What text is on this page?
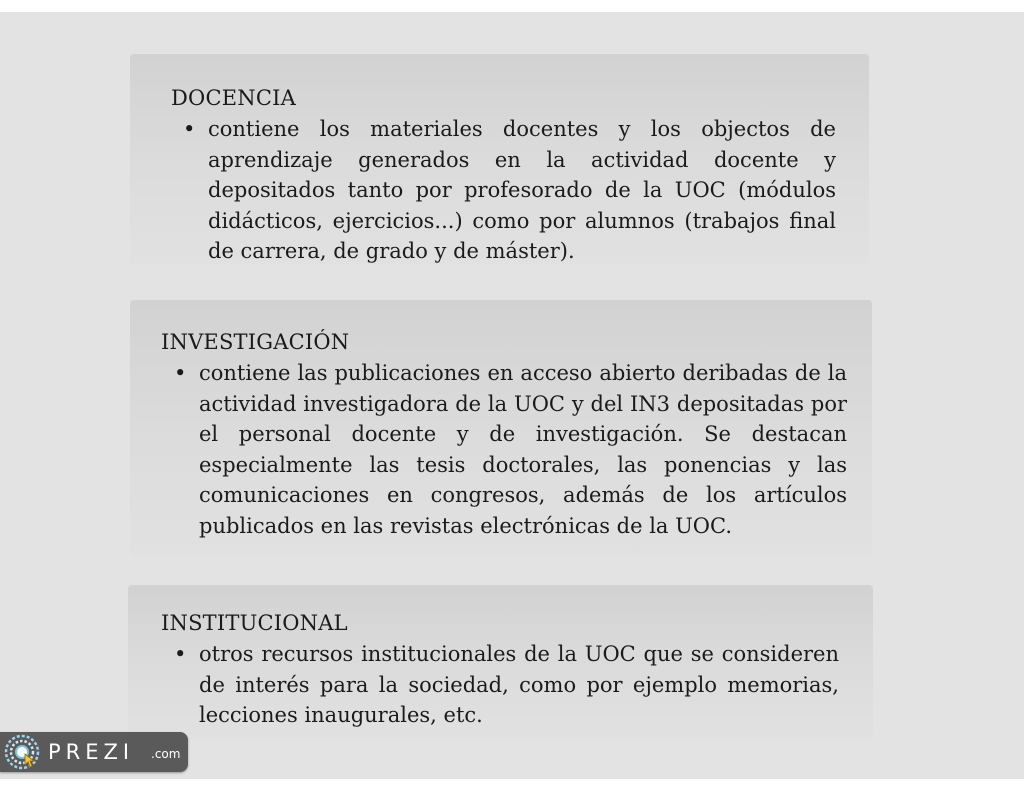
DOCENCIA
• contiene los materiales docentes y los objectos de aprendizaje generados en la actividad docente y depositados tanto por profesorado de la UOC (módulos didácticos, ejercicios...) como por alumnos (trabajos final de carrera, de grado y de máster).
INVESTIGACIÓN
• contiene las publicaciones en acceso abierto deribadas de la actividad investigadora de la UOC y del IN3 depositadas por el personal docente y de investigación. Se destacan especialmente las tesis doctorales, las ponencias y las comunicaciones en congresos, además de los artículos publicados en las revistas electrónicas de la UOC.
INSTITUCIONAL
• otros recursos institucionales de la UOC que se consideren de interés para la sociedad, como por ejemplo memorias, lecciones inaugurales, etc.
PREZI .com
